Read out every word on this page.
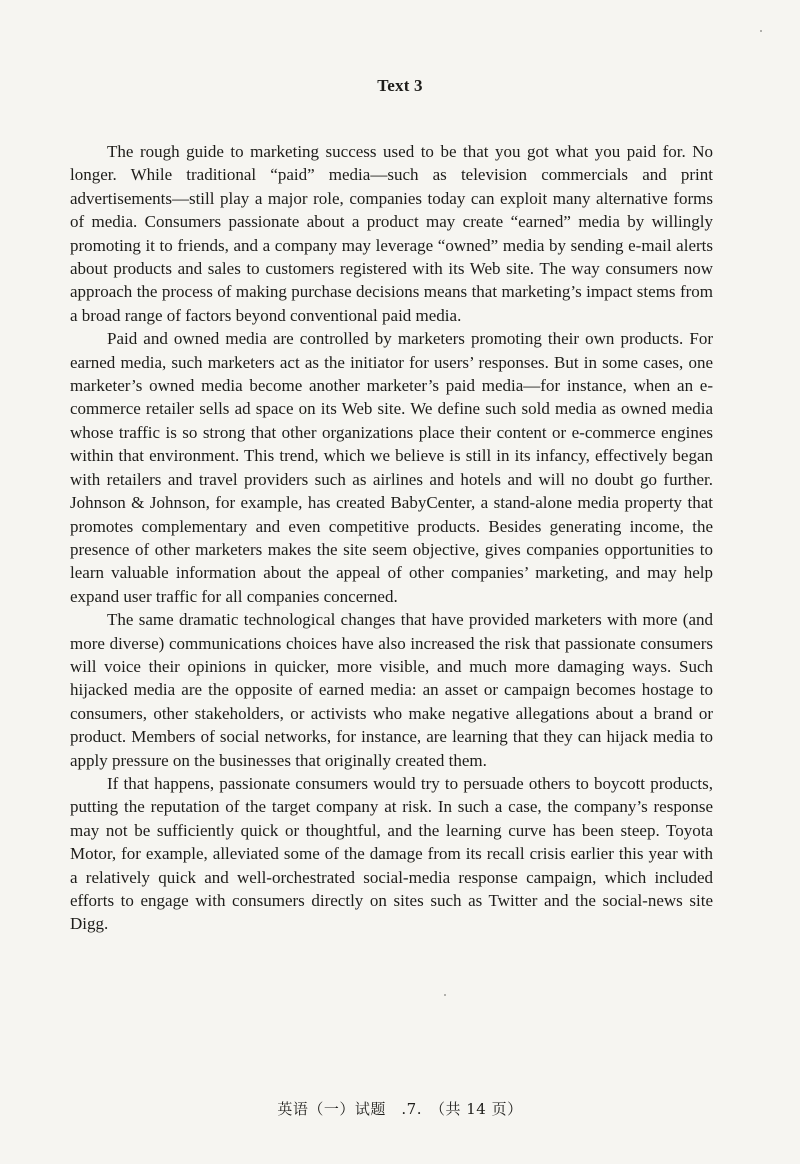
Text 3

The rough guide to marketing success used to be that you got what you paid for. No longer. While traditional “paid” media—such as television commercials and print advertisements—still play a major role, companies today can exploit many alternative forms of media. Consumers passionate about a product may create “earned” media by willingly promoting it to friends, and a company may leverage “owned” media by sending e-mail alerts about products and sales to customers registered with its Web site. The way consumers now approach the process of making purchase decisions means that marketing’s impact stems from a broad range of factors beyond conventional paid media.

Paid and owned media are controlled by marketers promoting their own products. For earned media, such marketers act as the initiator for users’ responses. But in some cases, one marketer’s owned media become another marketer’s paid media—for instance, when an e-commerce retailer sells ad space on its Web site. We define such sold media as owned media whose traffic is so strong that other organizations place their content or e-commerce engines within that environment. This trend, which we believe is still in its infancy, effectively began with retailers and travel providers such as airlines and hotels and will no doubt go further. Johnson & Johnson, for example, has created BabyCenter, a stand-alone media property that promotes complementary and even competitive products. Besides generating income, the presence of other marketers makes the site seem objective, gives companies opportunities to learn valuable information about the appeal of other companies’ marketing, and may help expand user traffic for all companies concerned.

The same dramatic technological changes that have provided marketers with more (and more diverse) communications choices have also increased the risk that passionate consumers will voice their opinions in quicker, more visible, and much more damaging ways. Such hijacked media are the opposite of earned media: an asset or campaign becomes hostage to consumers, other stakeholders, or activists who make negative allegations about a brand or product. Members of social networks, for instance, are learning that they can hijack media to apply pressure on the businesses that originally created them.

If that happens, passionate consumers would try to persuade others to boycott products, putting the reputation of the target company at risk. In such a case, the company’s response may not be sufficiently quick or thoughtful, and the learning curve has been steep. Toyota Motor, for example, alleviated some of the damage from its recall crisis earlier this year with a relatively quick and well-orchestrated social-media response campaign, which included efforts to engage with consumers directly on sites such as Twitter and the social-news site Digg.

英语（一）试题　.7.　（共 14 页）
